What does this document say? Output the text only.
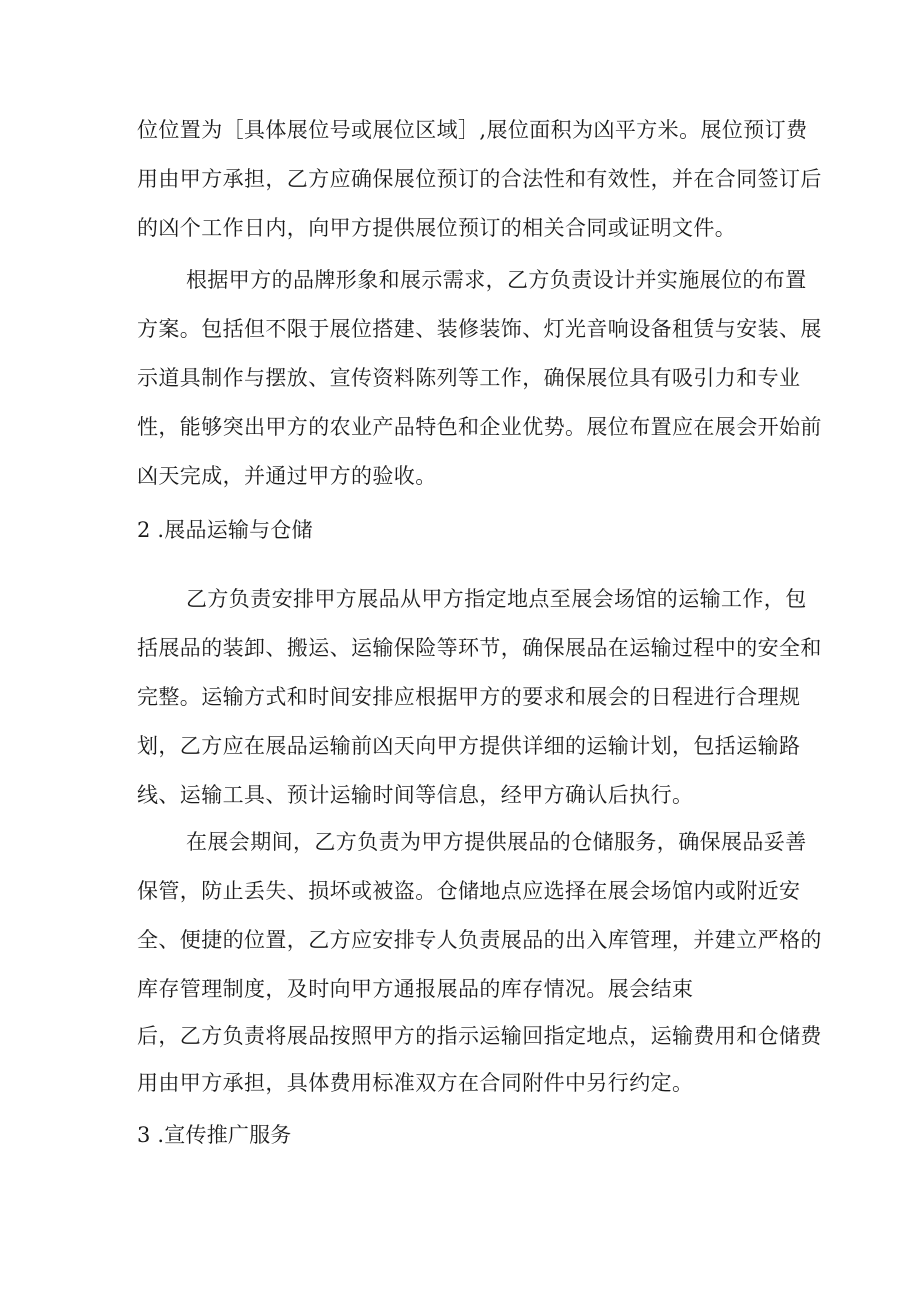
位位置为［具体展位号或展位区域］,展位面积为凶平方米。展位预订费
用由甲方承担，乙方应确保展位预订的合法性和有效性，并在合同签订后
的凶个工作日内，向甲方提供展位预订的相关合同或证明文件。
根据甲方的品牌形象和展示需求，乙方负责设计并实施展位的布置
方案。包括但不限于展位搭建、装修装饰、灯光音响设备租赁与安装、展
示道具制作与摆放、宣传资料陈列等工作，确保展位具有吸引力和专业
性，能够突出甲方的农业产品特色和企业优势。展位布置应在展会开始前
凶天完成，并通过甲方的验收。
2 .展品运输与仓储
乙方负责安排甲方展品从甲方指定地点至展会场馆的运输工作，包
括展品的装卸、搬运、运输保险等环节，确保展品在运输过程中的安全和
完整。运输方式和时间安排应根据甲方的要求和展会的日程进行合理规
划，乙方应在展品运输前凶天向甲方提供详细的运输计划，包括运输路
线、运输工具、预计运输时间等信息，经甲方确认后执行。
在展会期间，乙方负责为甲方提供展品的仓储服务，确保展品妥善
保管，防止丢失、损坏或被盗。仓储地点应选择在展会场馆内或附近安
全、便捷的位置，乙方应安排专人负责展品的出入库管理，并建立严格的
库存管理制度，及时向甲方通报展品的库存情况。展会结束
后，乙方负责将展品按照甲方的指示运输回指定地点，运输费用和仓储费
用由甲方承担，具体费用标准双方在合同附件中另行约定。
3 .宣传推广服务
